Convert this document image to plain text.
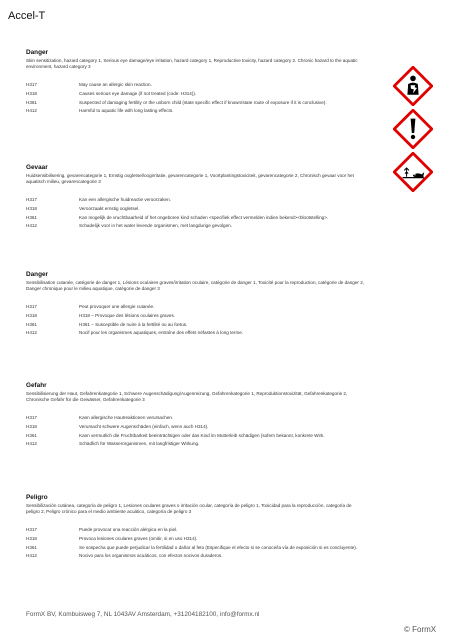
Accel-T
Danger
Skin sensitization, hazard category 1, Serious eye damage/eye irritation, hazard category 1, Reproductive toxicity, hazard category 2. Chronic hazard to the aquatic environment, hazard category 3
H317	May cause an allergic skin reaction.
H318	Causes serious eye damage (if not treated (code: H314)).
H361	Suspected of damaging fertility or the unborn child (state specific effect if known/state route of exposure if it is conclusive).
H412	Harmful to aquatic life with long lasting effects.
Gevaar
Huidsensibilisering, gevarencategorie 1, Ernstig oogletsel/oogirritatie, gevarencategorie 1, Voortplantingstoxiciteit, gevarencategorie 2, Chronisch gevaar voor het aquatisch milieu, gevarencategorie 3
H317	Kan een allergische huidreactie veroorzaken.
H318	Veroorzaakt ernstig oogletsel.
H361	Kan mogelijk de vruchtbaarheid of het ongeboren kind schaden <specifiek effect vermelden indien bekend><blootstelling>.
H412	Schadelijk voor in het water levende organismen, met langdurige gevolgen.
Danger
Sensibilisation cutanée, catégorie de danger 1, Lésions oculaires graves/irritation oculaire, catégorie de danger 1, Toxicité pour la reproduction, catégorie de danger 2, Danger chronique pour le milieu aquatique, catégorie de danger 3
H317	Peut provoquer une allergie cutanée.
H318	H318 – Provoque des lésions oculaires graves.
H361	H361 – Susceptible de nuire à la fertilité ou au fœtus.
H412	Nocif pour les organismes aquatiques, entraîne des effets néfastes à long terme.
Gefahr
Sensibilisierung der Haut, Gefahrenkategorie 1, Schwere Augenschädigung/Augenreizung, Gefahrenkategorie 1, Reproduktionstoxizität, Gefahrenkategorie 2, Chronische Gefahr für die Gewässer, Gefahrenkategorie 3
H317	Kann allergische Hautreaktionen verursachen.
H318	Verursacht schwere Augenschäden (einfach, wenn auch H314).
H361	Kann vermutlich die Fruchtbarkeit beeinträchtigen oder das Kind im Mutterleib schädigen (sofern bekannt, konkrete Wirk.
H412	Schädlich für Wasserorganismen, mit langfristiger Wirkung.
Peligro
Sensibilización cutánea, categoría de peligro 1, Lesiones oculares graves o irritación ocular, categoría de peligro 1, Toxicidad para la reproducción, categoría de peligro 2, Peligro crónico para el medio ambiente acuático, categoría de peligro 3
H317	Puede provocar una reacción alérgica en la piel.
H318	Provoca lesiones oculares graves (omitir, si en uso H314).
H361	Se sospecha que puede perjudicar la fertilidad o dañar al feto (Especifique el efecto si se conoce/la vía de exposición si es concluyente).
H412	Nocivo para los organismos acuáticos, con efectos nocivos duraderos.
FormX BV, Kombuisweg 7, NL 1043AV Amsterdam, +31204182100, info@formx.nl
© FormX
